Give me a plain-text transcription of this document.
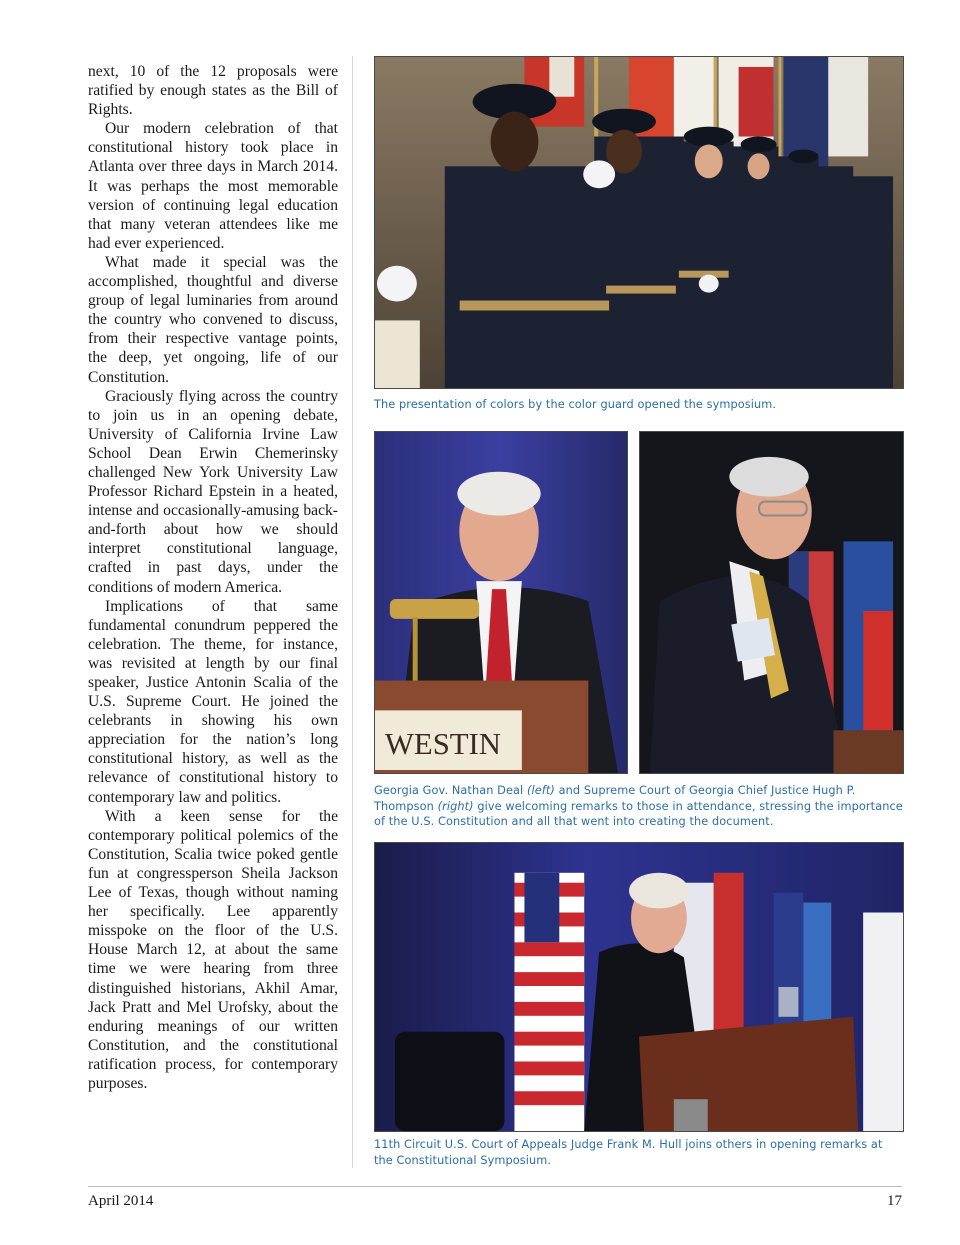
next, 10 of the 12 proposals were ratified by enough states as the Bill of Rights.

Our modern celebration of that constitutional history took place in Atlanta over three days in March 2014. It was perhaps the most memorable version of continuing legal education that many veteran attendees like me had ever experienced.

What made it special was the accomplished, thoughtful and diverse group of legal luminaries from around the country who convened to discuss, from their respective vantage points, the deep, yet ongoing, life of our Constitution.

Graciously flying across the country to join us in an opening debate, University of California Irvine Law School Dean Erwin Chemerinsky challenged New York University Law Professor Richard Epstein in a heated, intense and occasionally-amusing back-and-forth about how we should interpret constitutional language, crafted in past days, under the conditions of modern America.

Implications of that same fundamental conundrum peppered the celebration. The theme, for instance, was revisited at length by our final speaker, Justice Antonin Scalia of the U.S. Supreme Court. He joined the celebrants in showing his own appreciation for the nation’s long constitutional history, as well as the relevance of constitutional history to contemporary law and politics.

With a keen sense for the contemporary political polemics of the Constitution, Scalia twice poked gentle fun at congressperson Sheila Jackson Lee of Texas, though without naming her specifically. Lee apparently misspoke on the floor of the U.S. House March 12, at about the same time we were hearing from three distinguished historians, Akhil Amar, Jack Pratt and Mel Urofsky, about the enduring meanings of our written Constitution, and the constitutional ratification process, for contemporary purposes.

The presentation of colors by the color guard opened the symposium.
WESTIN
Georgia Gov. Nathan Deal (left) and Supreme Court of Georgia Chief Justice Hugh P. Thompson (right) give welcoming remarks to those in attendance, stressing the importance of the U.S. Constitution and all that went into creating the document.
11th Circuit U.S. Court of Appeals Judge Frank M. Hull joins others in opening remarks at the Constitutional Symposium.
April 2014	17
